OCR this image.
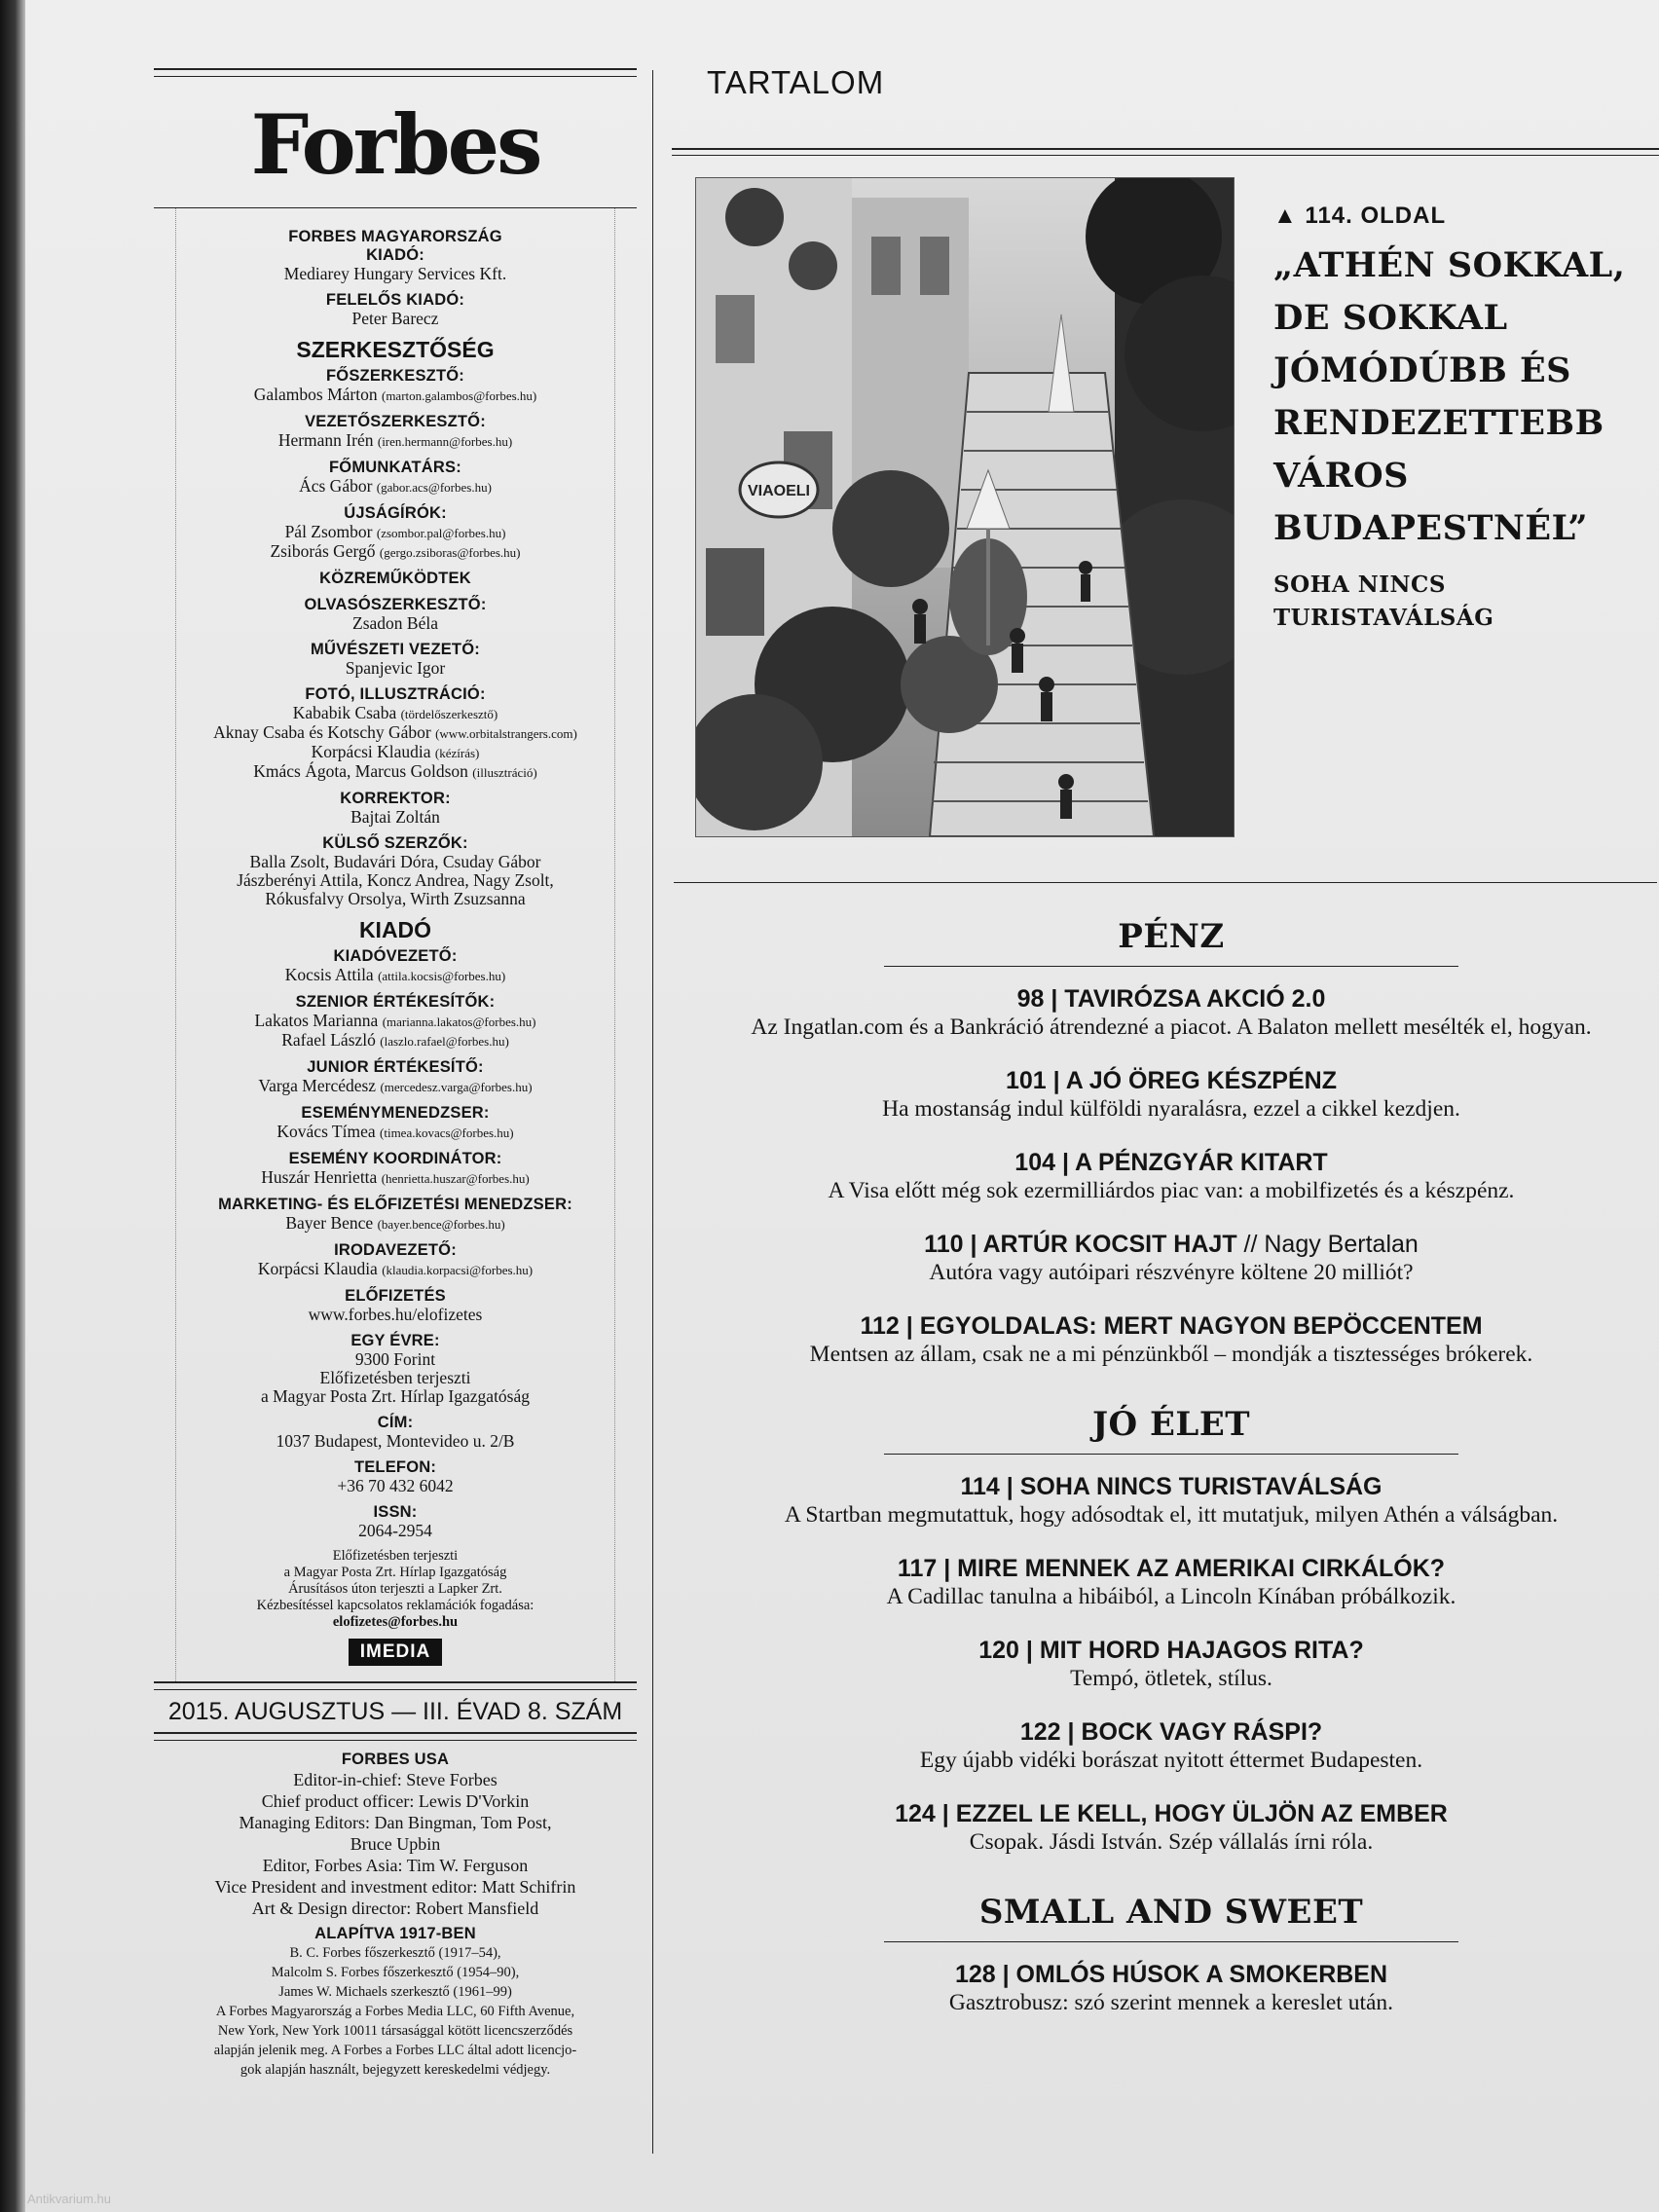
Forbes
FORBES MAGYARORSZÁG
KIADÓ:
Mediarey Hungary Services Kft.
FELELŐS KIADÓ:
Peter Barecz
SZERKESZTŐSÉG
FŐSZERKESZTŐ:
Galambos Márton (marton.galambos@forbes.hu)
VEZETŐSZERKESZTŐ:
Hermann Irén (iren.hermann@forbes.hu)
FŐMUNKATÁRS:
Ács Gábor (gabor.acs@forbes.hu)
ÚJSÁGÍRÓK:
Pál Zsombor (zsombor.pal@forbes.hu)
Zsiborás Gergő (gergo.zsiboras@forbes.hu)
KÖZREMŰKÖDTEK
OLVASÓSZERKESZTŐ:
Zsadon Béla
MŰVÉSZETI VEZETŐ:
Spanjevic Igor
FOTÓ, ILLUSZTRÁCIÓ:
Kababik Csaba (tördelőszerkesztő)
Aknay Csaba és Kotschy Gábor (www.orbitalstrangers.com)
Korpácsi Klaudia (kézírás)
Kmács Ágota, Marcus Goldson (illusztráció)
KORREKTOR:
Bajtai Zoltán
KÜLSŐ SZERZŐK:
Balla Zsolt, Budavári Dóra, Csuday Gábor
Jászberényi Attila, Koncz Andrea, Nagy Zsolt,
Rókusfalvy Orsolya, Wirth Zsuzsanna
KIADÓ
KIADÓVEZETŐ:
Kocsis Attila (attila.kocsis@forbes.hu)
SZENIOR ÉRTÉKESÍTŐK:
Lakatos Marianna (marianna.lakatos@forbes.hu)
Rafael László (laszlo.rafael@forbes.hu)
JUNIOR ÉRTÉKESÍTŐ:
Varga Mercédesz (mercedesz.varga@forbes.hu)
ESEMÉNYMENEDZSER:
Kovács Tímea (timea.kovacs@forbes.hu)
ESEMÉNY KOORDINÁTOR:
Huszár Henrietta (henrietta.huszar@forbes.hu)
MARKETING- ÉS ELŐFIZETÉSI MENEDZSER:
Bayer Bence (bayer.bence@forbes.hu)
IRODAVEZETŐ:
Korpácsi Klaudia (klaudia.korpacsi@forbes.hu)
ELŐFIZETÉS
www.forbes.hu/elofizetes
EGY ÉVRE:
9300 Forint
Előfizetésben terjeszti
a Magyar Posta Zrt. Hírlap Igazgatóság
CÍM:
1037 Budapest, Montevideo u. 2/B
TELEFON:
+36 70 432 6042
ISSN:
2064-2954
Előfizetésben terjeszti
a Magyar Posta Zrt. Hírlap Igazgatóság
Árusításos úton terjeszti a Lapker Zrt.
Kézbesítéssel kapcsolatos reklamációk fogadása:
elofizetes@forbes.hu
IMEDIA
2015. AUGUSZTUS — III. ÉVAD 8. SZÁM
FORBES USA
Editor-in-chief: Steve Forbes
Chief product officer: Lewis D'Vorkin
Managing Editors: Dan Bingman, Tom Post,
Bruce Upbin
Editor, Forbes Asia: Tim W. Ferguson
Vice President and investment editor: Matt Schifrin
Art & Design director: Robert Mansfield
ALAPÍTVA 1917-BEN
B. C. Forbes főszerkesztő (1917–54),
Malcolm S. Forbes főszerkesztő (1954–90),
James W. Michaels szerkesztő (1961–99)
A Forbes Magyarország a Forbes Media LLC, 60 Fifth Avenue,
New York, New York 10011 társasággal kötött licencszerződés
alapján jelenik meg. A Forbes a Forbes LLC által adott licencjo-
gok alapján használt, bejegyzett kereskedelmi védjegy.
TARTALOM
VIAOELI
▲ 114. OLDAL
„ATHÉN SOKKAL, DE SOKKAL JÓMÓDÚBB ÉS RENDEZETTEBB VÁROS BUDAPESTNÉL”
SOHA NINCS TURISTAVÁLSÁG
PÉNZ
98 | TAVIRÓZSA AKCIÓ 2.0
Az Ingatlan.com és a Bankráció átrendezné a piacot. A Balaton mellett mesélték el, hogyan.
101 | A JÓ ÖREG KÉSZPÉNZ
Ha mostanság indul külföldi nyaralásra, ezzel a cikkel kezdjen.
104 | A PÉNZGYÁR KITART
A Visa előtt még sok ezermilliárdos piac van: a mobilfizetés és a készpénz.
110 | ARTÚR KOCSIT HAJT // Nagy Bertalan
Autóra vagy autóipari részvényre költene 20 milliót?
112 | EGYOLDALAS: MERT NAGYON BEPÖCCENTEM
Mentsen az állam, csak ne a mi pénzünkből – mondják a tisztességes brókerek.
JÓ ÉLET
114 | SOHA NINCS TURISTAVÁLSÁG
A Startban megmutattuk, hogy adósodtak el, itt mutatjuk, milyen Athén a válságban.
117 | MIRE MENNEK AZ AMERIKAI CIRKÁLÓK?
A Cadillac tanulna a hibáiból, a Lincoln Kínában próbálkozik.
120 | MIT HORD HAJAGOS RITA?
Tempó, ötletek, stílus.
122 | BOCK VAGY RÁSPI?
Egy újabb vidéki borászat nyitott éttermet Budapesten.
124 | EZZEL LE KELL, HOGY ÜLJÖN AZ EMBER
Csopak. Jásdi István. Szép vállalás írni róla.
SMALL AND SWEET
128 | OMLÓS HÚSOK A SMOKERBEN
Gasztrobusz: szó szerint mennek a kereslet után.
Antikvarium.hu
